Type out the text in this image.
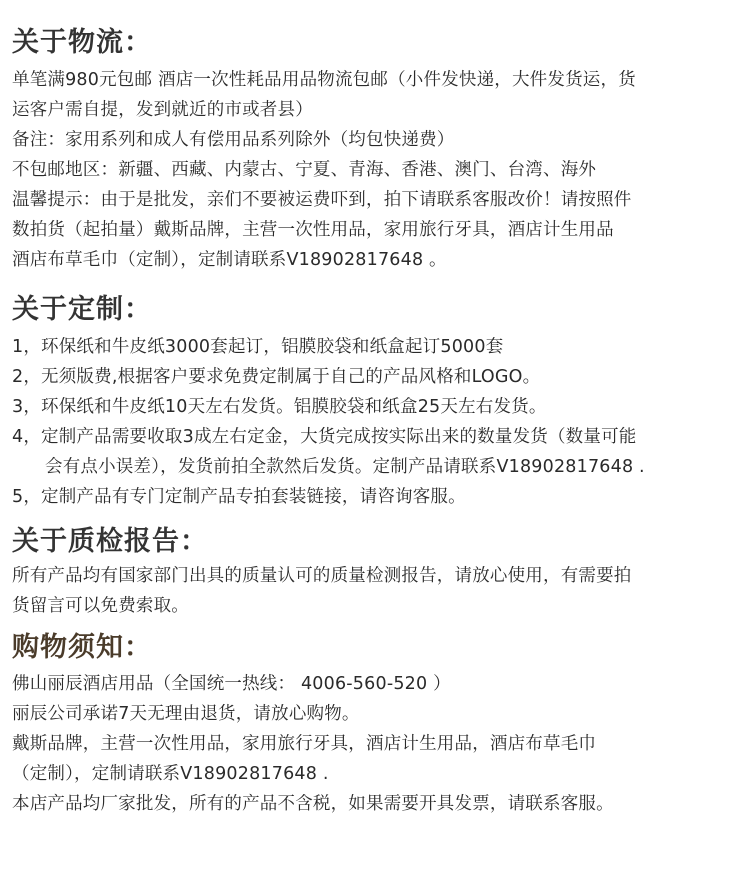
关于物流：
单笔满980元包邮 酒店一次性耗品用品物流包邮（小件发快递，大件发货运，货
运客户需自提，发到就近的市或者县）
备注：家用系列和成人有偿用品系列除外（均包快递费）
不包邮地区：新疆、西藏、内蒙古、宁夏、青海、香港、澳门、台湾、海外
温馨提示：由于是批发，亲们不要被运费吓到，拍下请联系客服改价！请按照件
数拍货（起拍量）戴斯品牌，主营一次性用品，家用旅行牙具，酒店计生用品
酒店布草毛巾（定制），定制请联系V18902817648 。
关于定制：
1，环保纸和牛皮纸3000套起订，铝膜胶袋和纸盒起订5000套
2，无须版费,根据客户要求免费定制属于自己的产品风格和LOGO。
3，环保纸和牛皮纸10天左右发货。铝膜胶袋和纸盒25天左右发货。
4，定制产品需要收取3成左右定金，大货完成按实际出来的数量发货（数量可能
会有点小误差），发货前拍全款然后发货。定制产品请联系V18902817648 .
5，定制产品有专门定制产品专拍套装链接，请咨询客服。
关于质检报告：
所有产品均有国家部门出具的质量认可的质量检测报告，请放心使用，有需要拍
货留言可以免费索取。
购物须知：
佛山丽辰酒店用品（全国统一热线： 4006-560-520 ）
丽辰公司承诺7天无理由退货，请放心购物。
戴斯品牌，主营一次性用品，家用旅行牙具，酒店计生用品，酒店布草毛巾
（定制），定制请联系V18902817648 .
本店产品均厂家批发，所有的产品不含税，如果需要开具发票，请联系客服。
